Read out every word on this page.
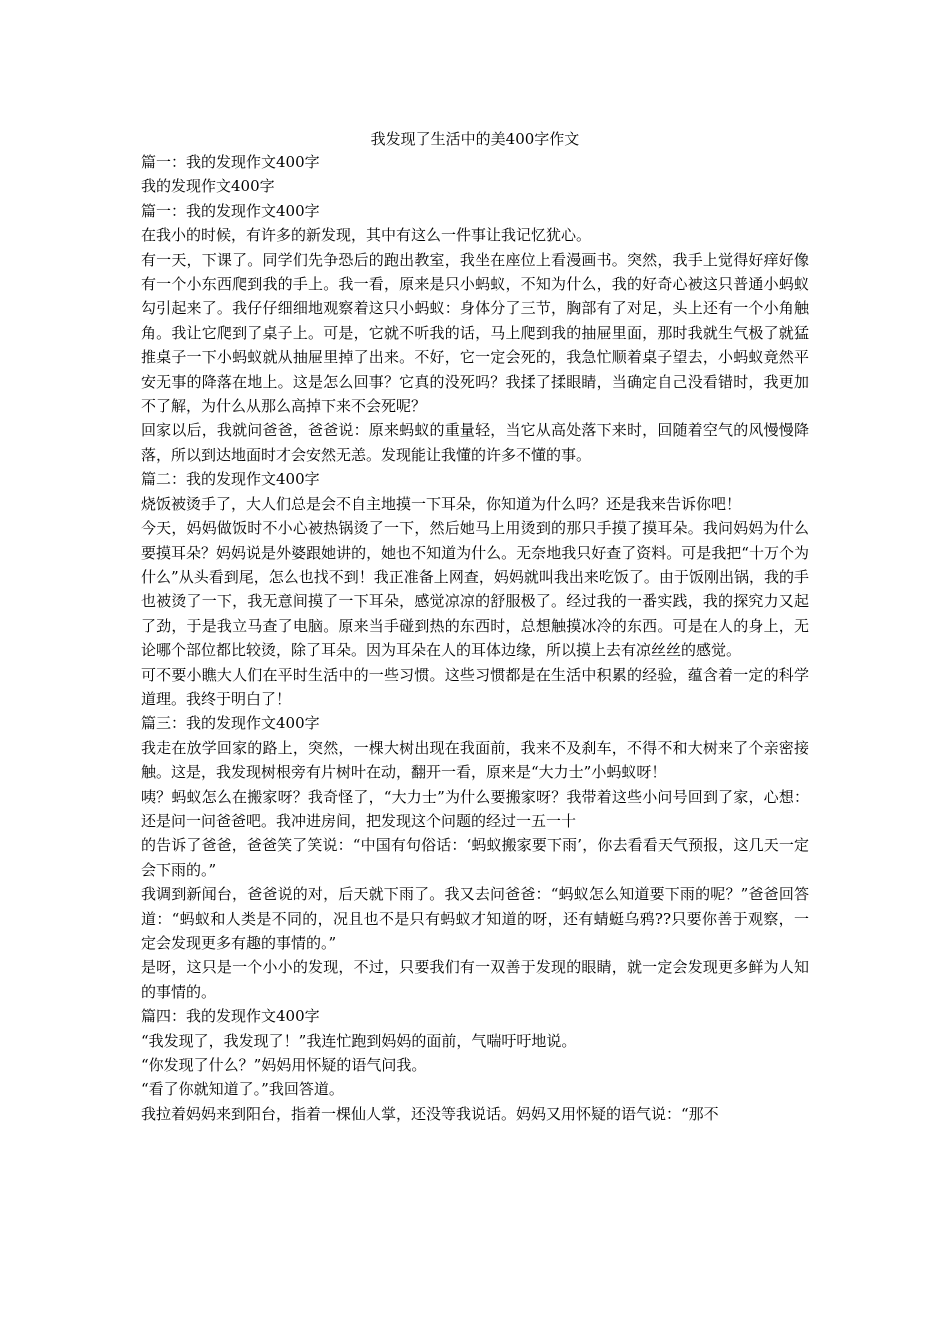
我发现了生活中的美400字作文

篇一：我的发现作文400字

我的发现作文400字

篇一：我的发现作文400字

在我小的时候，有许多的新发现，其中有这么一件事让我记忆犹心。

有一天，下课了。同学们先争恐后的跑出教室，我坐在座位上看漫画书。突然，我手上觉得好痒好像有一个小东西爬到我的手上。我一看，原来是只小蚂蚁，不知为什么，我的好奇心被这只普通小蚂蚁勾引起来了。我仔仔细细地观察着这只小蚂蚁：身体分了三节，胸部有了对足，头上还有一个小角触角。我让它爬到了桌子上。可是，它就不听我的话，马上爬到我的抽屉里面，那时我就生气极了就猛推桌子一下小蚂蚁就从抽屉里掉了出来。不好，它一定会死的，我急忙顺着桌子望去，小蚂蚁竟然平安无事的降落在地上。这是怎么回事？它真的没死吗？我揉了揉眼睛，当确定自己没看错时，我更加不了解，为什么从那么高掉下来不会死呢？

回家以后，我就问爸爸，爸爸说：原来蚂蚁的重量轻，当它从高处落下来时，回随着空气的风慢慢降落，所以到达地面时才会安然无恙。发现能让我懂的许多不懂的事。

篇二：我的发现作文400字

烧饭被烫手了，大人们总是会不自主地摸一下耳朵，你知道为什么吗？还是我来告诉你吧！

今天，妈妈做饭时不小心被热锅烫了一下，然后她马上用烫到的那只手摸了摸耳朵。我问妈妈为什么要摸耳朵？妈妈说是外婆跟她讲的，她也不知道为什么。无奈地我只好查了资料。可是我把“十万个为什么”从头看到尾，怎么也找不到！我正准备上网查，妈妈就叫我出来吃饭了。由于饭刚出锅，我的手也被烫了一下，我无意间摸了一下耳朵，感觉凉凉的舒服极了。经过我的一番实践，我的探究力又起了劲，于是我立马查了电脑。原来当手碰到热的东西时，总想触摸冰冷的东西。可是在人的身上，无论哪个部位都比较烫，除了耳朵。因为耳朵在人的耳体边缘，所以摸上去有凉丝丝的感觉。

可不要小瞧大人们在平时生活中的一些习惯。这些习惯都是在生活中积累的经验，蕴含着一定的科学道理。我终于明白了！

篇三：我的发现作文400字

我走在放学回家的路上，突然，一棵大树出现在我面前，我来不及刹车，不得不和大树来了个亲密接触。这是，我发现树根旁有片树叶在动，翻开一看，原来是“大力士”小蚂蚁呀！

咦？蚂蚁怎么在搬家呀？我奇怪了，“大力士”为什么要搬家呀？我带着这些小问号回到了家，心想：还是问一问爸爸吧。我冲进房间，把发现这个问题的经过一五一十

的告诉了爸爸，爸爸笑了笑说：“中国有句俗话：‘蚂蚁搬家要下雨’，你去看看天气预报，这几天一定会下雨的。”

我调到新闻台，爸爸说的对，后天就下雨了。我又去问爸爸：“蚂蚁怎么知道要下雨的呢？”爸爸回答道：“蚂蚁和人类是不同的，况且也不是只有蚂蚁才知道的呀，还有蜻蜓乌鸦??只要你善于观察，一定会发现更多有趣的事情的。”

是呀，这只是一个小小的发现，不过，只要我们有一双善于发现的眼睛，就一定会发现更多鲜为人知的事情的。

篇四：我的发现作文400字

“我发现了，我发现了！”我连忙跑到妈妈的面前，气喘吁吁地说。

“你发现了什么？”妈妈用怀疑的语气问我。

“看了你就知道了。”我回答道。

我拉着妈妈来到阳台，指着一棵仙人掌，还没等我说话。妈妈又用怀疑的语气说：“那不
